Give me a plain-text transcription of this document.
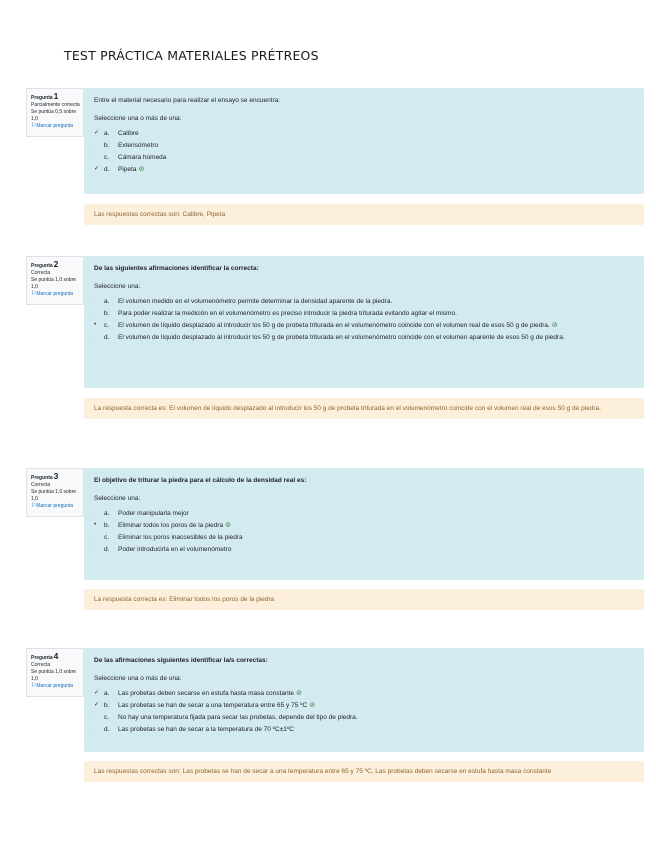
TEST PRÁCTICA MATERIALES PRÉTREOS
Pregunta1
Parcialmente correcta
Se puntúa 0,5 sobre 1,0
⚐Marcar pregunta
Entre el material necesario para realizar el ensayo se encuentra:
Seleccione una o más de una:
✓ a.	Calibre
·	b.	Extensómetro
·	c.	Cámara húmeda
✓ d.	Pipeta ⊘
Las respuestas correctas son: Calibre, Pipeta
Pregunta2
Correcta
Se puntúa 1,0 sobre 1,0
⚐Marcar pregunta
De las siguientes afirmaciones identificar la correcta:
Seleccione una:
·	a.	El volumen medido en el volumenómetro permite determinar la densidad aparente de la piedra.
·	b.	Para poder realizar la medición en el volumenómetro es preciso introducir la piedra triturada evitando agitar el mismo.
•	c.	El volumen de líquido desplazado al introducir los 50 g de probeta triturada en el volumenómetro coincide con el volumen real de esos 50 g de piedra. ⊘
·	d.	El volumen de líquido desplazado al introducir los 50 g de probeta triturada en el volumenómetro coincide con el volumen aparente de esos 50 g de piedra.
La respuesta correcta es: El volumen de líquido desplazado al introducir los 50 g de probeta triturada en el volumenómetro coincide con el volumen real de esos 50 g de piedra.
Pregunta3
Correcta
Se puntúa 1,0 sobre 1,0
⚐Marcar pregunta
El objetivo de triturar la piedra para el cálculo de la densidad real es:
Seleccione una:
·	a.	Poder manipularla mejor
•	b.	Eliminar todos los poros de la piedra ⊘
·	c.	Eliminar los poros inaccesibles de la piedra
·	d.	Poder introducirla en el volumenómetro
La respuesta correcta es: Eliminar todos los poros de la piedra
Pregunta4
Correcta
Se puntúa 1,0 sobre 1,0
⚐Marcar pregunta
De las afirmaciones siguientes identificar la/s correctas:
Seleccione una o más de una:
✓ a.	Las probetas deben secarse en estufa hasta masa constante ⊘
✓ b.	Las probetas se han de secar a una temperatura entre 65 y 75 ºC ⊘
·	c.	No hay una temperatura fijada para secar las probetas, depende del tipo de piedra.
·	d.	Las probetas se han de secar a la temperatura de 70 ºC±1ºC
Las respuestas correctas son: Las probetas se han de secar a una temperatura entre 65 y 75 ºC, Las probetas deben secarse en estufa hasta masa constante
